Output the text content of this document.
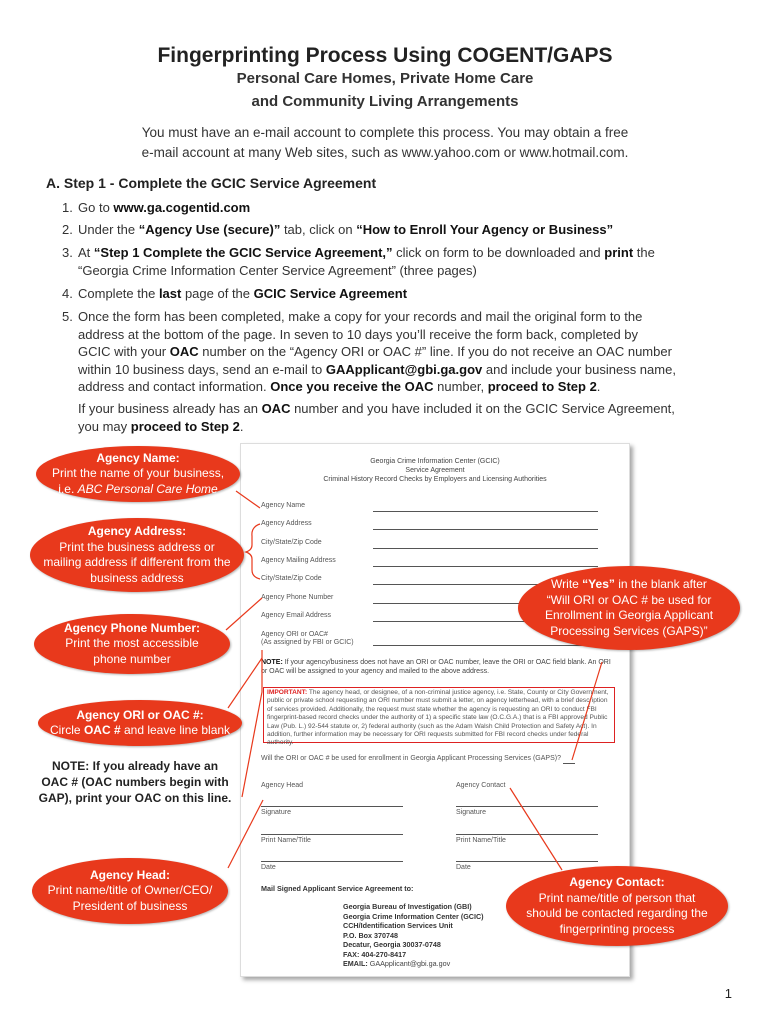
Fingerprinting Process Using COGENT/GAPS
Personal Care Homes, Private Home Care
and Community Living Arrangements
You must have an e-mail account to complete this process. You may obtain a free
e-mail account at many Web sites, such as www.yahoo.com or www.hotmail.com.
A. Step 1 - Complete the GCIC Service Agreement
1. Go to www.ga.cogentid.com
2. Under the “Agency Use (secure)” tab, click on “How to Enroll Your Agency or Business”
3. At “Step 1 Complete the GCIC Service Agreement,” click on form to be downloaded and print the
“Georgia Crime Information Center Service Agreement” (three pages)
4. Complete the last page of the GCIC Service Agreement
5. Once the form has been completed, make a copy for your records and mail the original form to the
address at the bottom of the page. In seven to 10 days you’ll receive the form back, completed by
GCIC with your OAC number on the “Agency ORI or OAC #” line. If you do not receive an OAC number
within 10 business days, send an e-mail to GAApplicant@gbi.ga.gov and include your business name,
address and contact information. Once you receive the OAC number, proceed to Step 2.
If your business already has an OAC number and you have included it on the GCIC Service Agreement,
you may proceed to Step 2.
Georgia Crime Information Center (GCIC)
Service Agreement
Criminal History Record Checks by Employers and Licensing Authorities
Agency Name
Agency Address
City/State/Zip Code
Agency Mailing Address
City/State/Zip Code
Agency Phone Number
Agency Email Address
Agency ORI or OAC#
(As assigned by FBI or GCIC)
NOTE: If your agency/business does not have an ORI or OAC number, leave the ORI or OAC field blank. An ORI or OAC will be assigned to your agency and mailed to the above address.
IMPORTANT: The agency head, or designee, of a non-criminal justice agency, i.e. State, County or City Government, public or private school requesting an ORI number must submit a letter, on agency letterhead, with a brief description of services provided. Additionally, the request must state whether the agency is requesting an ORI to conduct FBI fingerprint-based record checks under the authority of 1) a specific state law (O.C.G.A.) that is a FBI approved Public Law (Pub. L.) 92-544 statute or, 2) federal authority (such as the Adam Walsh Child Protection and Safety Act). In addition, further information may be necessary for ORI requests submitted for FBI record checks under federal authority.
Will the ORI or OAC # be used for enrollment in Georgia Applicant Processing Services (GAPS)?
Agency Head	Agency Contact
Signature	Signature
Print Name/Title	Print Name/Title
Date	Date
Mail Signed Applicant Service Agreement to:
Georgia Bureau of Investigation (GBI)
Georgia Crime Information Center (GCIC)
CCH/Identification Services Unit
P.O. Box 370748
Decatur, Georgia 30037-0748
FAX: 404-270-8417
EMAIL: GAApplicant@gbi.ga.gov
Agency Name:
Print the name of your business,
i.e. ABC Personal Care Home
Agency Address:
Print the business address or
mailing address if different from the
business address
Agency Phone Number:
Print the most accessible
phone number
Agency ORI or OAC #:
Circle OAC # and leave line blank
NOTE: If you already have an
OAC # (OAC numbers begin with
GAP), print your OAC on this line.
Agency Head:
Print name/title of Owner/CEO/
President of business
Write “Yes” in the blank after
“Will ORI or OAC # be used for
Enrollment in Georgia Applicant
Processing Services (GAPS)”
Agency Contact:
Print name/title of person that
should be contacted regarding the
fingerprinting process
1
